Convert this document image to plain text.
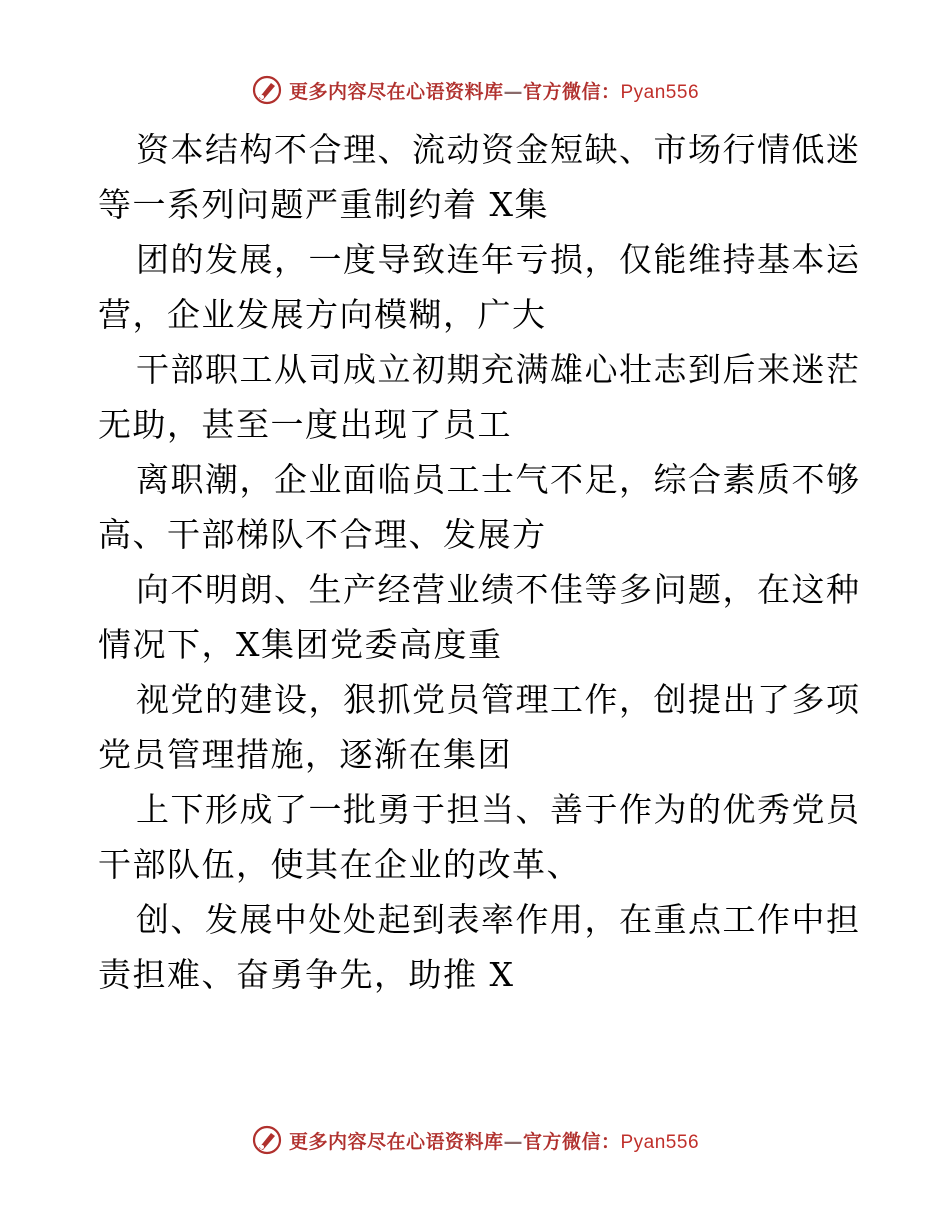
更多内容尽在心语资料库—官方微信：Pyan556

资本结构不合理、流动资金短缺、市场行情低迷
等一系列问题严重制约着 X集

团的发展，一度导致连年亏损，仅能维持基本运
营，企业发展方向模糊，广大

干部职工从司成立初期充满雄心壮志到后来迷茫
无助，甚至一度出现了员工

离职潮，企业面临员工士气不足，综合素质不够
高、干部梯队不合理、发展方

向不明朗、生产经营业绩不佳等多问题，在这种
情况下，X集团党委高度重

视党的建设，狠抓党员管理工作，创提出了多项
党员管理措施，逐渐在集团

上下形成了一批勇于担当、善于作为的优秀党员
干部队伍，使其在企业的改革、

创、发展中处处起到表率作用，在重点工作中担
责担难、奋勇争先，助推 X

更多内容尽在心语资料库—官方微信：Pyan556
